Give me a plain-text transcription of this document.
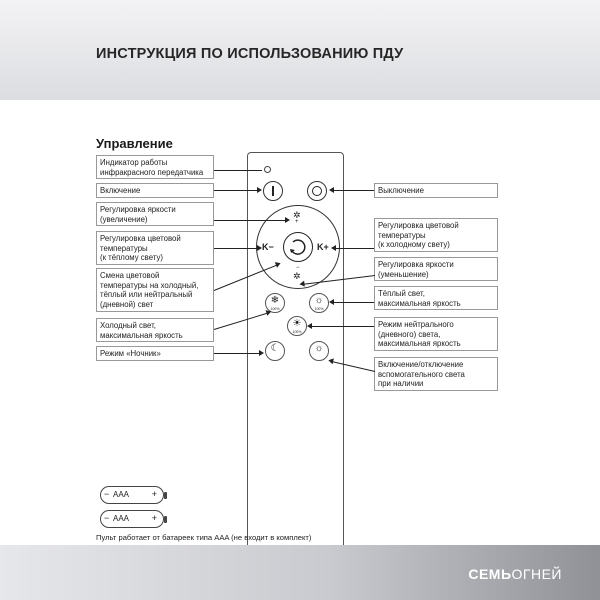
ИНСТРУКЦИЯ ПО ИСПОЛЬЗОВАНИЮ ПДУ
Управление
Индикатор работы
инфракрасного передатчика
Включение
Регулировка яркости
(увеличение)
Регулировка цветовой
температуры
(к тёплому свету)
Смена цветовой
температуры на холодный,
тёплый или нейтральный
(дневной) свет
Холодный свет,
максимальная яркость
Режим «Ночник»
Выключение
Регулировка цветовой
температуры
(к холодному свету)
Регулировка яркости
(уменьшение)
Тёплый свет,
максимальная яркость
Режим нейтрального
(дневного) света,
максимальная яркость
Включение/отключение
вспомогательного света
при наличии
✲
+
✲
−
K−	K+
❄
100%
☼
100%
☀
100%
☾	☼
− AAA	+
− AAA	+
Пульт работает от батареек типа AAA (не входит в комплект)
СЕМЬОГНЕЙ
